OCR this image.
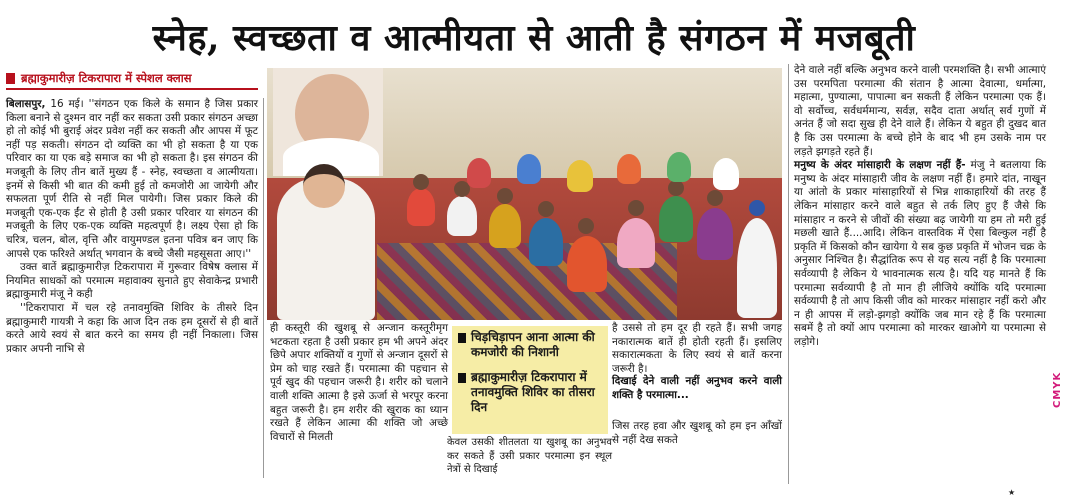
स्नेह, स्वच्छता व आत्मीयता से आती है संगठन में मजबूती
ब्रह्माकुमारीज़ टिकरापारा में स्पेशल क्लास

बिलासपुर, 16 मई। ''संगठन एक किले के समान है जिस प्रकार किला बनाने से दुश्मन वार नहीं कर सकता उसी प्रकार संगठन अच्छा हो तो कोई भी बुराई अंदर प्रवेश नहीं कर सकती और आपस में फूट नहीं पड़ सकती। संगठन दो व्यक्ति का भी हो सकता है या एक परिवार का या एक बड़े समाज का भी हो सकता है। इस संगठन की मजबूती के लिए तीन बातें मुख्य हैं - स्नेह, स्वच्छता व आत्मीयता। इनमें से किसी भी बात की कमी हुई तो कमजोरी आ जायेगी और सफलता पूर्ण रीति से नहीं मिल पायेगी। जिस प्रकार किले की मजबूती एक-एक ईंट से होती है उसी प्रकार परिवार या संगठन की मजबूती के लिए एक-एक व्यक्ति महत्वपूर्ण है। लक्ष्य ऐसा हो कि चरित्र, चलन, बोल, वृत्ति और वायुमण्डल इतना पवित्र बन जाए कि आपसे एक फरिश्ते अर्थात् भगवान के बच्चे जैसी महसूसता आए।''

उक्त बातें ब्रह्माकुमारीज़ टिकरापारा में गुरूवार विषेष क्लास में नियमित साधकों को परमात्म महावाक्य सुनाते हुए सेवाकेन्द्र प्रभारी ब्रह्माकुमारी मंजू ने कही

''टिकरापारा में चल रहे तनावमुक्ति शिविर के तीसरे दिन ब्रह्माकुमारी गायत्री ने कहा कि आज दिन तक हम दूसरों से ही बातें करते आये स्वयं से बात करने का समय ही नहीं निकाला। जिस प्रकार अपनी नाभि से

ही कस्तूरी की खुशबू से अन्जान कस्तूरीमृग भटकता रहता है उसी प्रकार हम भी अपने अंदर छिपे अपार शक्तियों व गुणों से अन्जान दूसरों से प्रेम को चाह रखते हैं। परमात्मा की पहचान से पूर्व खुद की पहचान जरूरी है। शरीर को चलाने वाली शक्ति आत्मा है इसे ऊर्जा से भरपूर करना बहुत जरूरी है। हम शरीर की खुराक का ध्यान रखते हैं लेकिन आत्मा की शक्ति जो अच्छे विचारों से मिलती
चिड़चिड़ापन आना आत्मा की कमजोरी की निशानी
ब्रह्माकुमारीज़ टिकरापारा में तनावमुक्ति शिविर का तीसरा दिन
केवल उसकी शीतलता या खुशबू का अनुभव कर सकते हैं उसी प्रकार परमात्मा इन स्थूल नेत्रों से दिखाई
है उससे तो हम दूर ही रहते हैं। सभी जगह नकारात्मक बातें ही होती रहती हैं। इसलिए सकारात्मकता के लिए स्वयं से बातें करना जरूरी है।

दिखाई देने वाली नहीं अनुभव करने वाली शक्ति है परमात्मा...

जिस तरह हवा और खुशबू को हम इन आँखों से नहीं देख सकते

देने वाले नहीं बल्कि अनुभव करने वाली परमशक्ति है। सभी आत्माएं उस परमपिता परमात्मा की संतान है आत्मा देवात्मा, धर्मात्मा, महात्मा, पुण्यात्मा, पापात्मा बन सकती हैं लेकिन परमात्मा एक हैं। वो सर्वोच्च, सर्वधर्ममान्य, सर्वज्ञ, सदैव दाता अर्थात् सर्व गुणों में अनंत हैं जो सदा सुख ही देने वाले हैं। लेकिन ये बहुत ही दुखद बात है कि उस परमात्मा के बच्चे होने के बाद भी हम उसके नाम पर लड़ते झगड़ते रहते हैं।

मनुष्य के अंदर मांसाहारी के लक्षण नहीं हैं- मंजु ने बतलाया कि मनुष्य के अंदर मांसाहारी जीव के लक्षण नहीं हैं। हमारे दांत, नाखून या आंतो के प्रकार मांसाहारियों से भिन्न शाकाहारियों की तरह हैं लेकिन मांसाहार करने वाले बहुत से तर्क लिए हुए हैं जैसे कि मांसाहार न करने से जीवों की संख्या बढ़ जायेगी या हम तो मरी हुई मछली खाते हैं....आदि। लेकिन वास्तविक में ऐसा बिल्कुल नहीं है प्रकृति में किसको कौन खायेगा ये सब कुछ प्रकृति में भोजन चक्र के अनुसार निश्चित है। सैद्धांतिक रूप से यह सत्य नहीं है कि परमात्मा सर्वव्यापी है लेकिन ये भावनात्मक सत्य है। यदि यह मानते हैं कि परमात्मा सर्वव्यापी है तो मान ही लीजिये क्योंकि यदि परमात्मा सर्वव्यापी है तो आप किसी जीव को मारकर मांसाहार नहीं करो और न ही आपस में लड़ो-झगड़ो क्योंकि जब मान रहे हैं कि परमात्मा सबमें है तो क्यों आप परमात्मा को मारकर खाओगे या परमात्मा से लड़ोगे।

CMYK
★
